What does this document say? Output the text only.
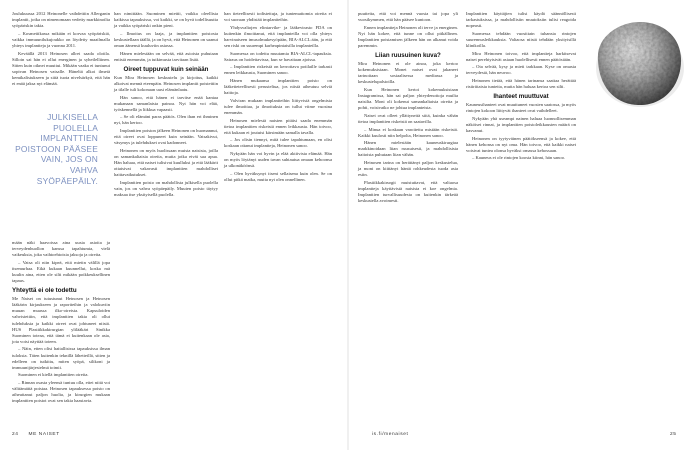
Joulukuussa 2012 Heinonelle vaihdettiin Allerganin implantit, jotka on nimenomaan vedetty markkinoilta syöpäriskin takia.

– Kosmetiikassa mikään ei korvaa syöpäriskiä, vaikka immuunilukujoukko on löydetty maailmalla yhteys implantteja ja vuonna 2011.

Keväällä 2013 Heinosen allrei saada olotila. Silloin sai hän ei ollut energinen ja syheilelliinen. Sitten kuin oiknei muuttui. Mikään vaaka ei tuntunut sopivan Heinosen vatsalle. Häneltä alkoi ilmetä kemikalistukseen ja siitä tuota nivelsärkyä, että hän ei enää jaksa nyt elämää.

JULKISELLA PUOLELLA IMPLANTTIEN POISTOON PÄÄSEE VAIN, JOS ON VAHVA SYÖPÄEPÄILY.

mään näki haavoissa aina uusia asioita ja terveydenhuollon kanssa tapahtumia, vielä vaikeuksia, joka vaihtoehtoisia jaksoja ja oireita.

– Vatsa oli niin kipeä, että mietin välillä jopa itsemurhaa. Eikä kukaan kuunnellut, koska mä kuulin aina, etten ole silti mikään poikkeuksellinen tapaus.

Yhteyttä ei ole todettu

Me Naiset on tutustunut Heinosen ja Heinosen lääkärin kirjaukseen ja raportteihin ja valokuviin muuan muassa ilko-oireista. Kapsuloiden vahvistettiin, että implanttien takia oli ollut tulehduksia ja kaikki oireet ovat johtuneet niistä. HUS Plastiikkakirurgian ylilääkäri Sinikka Suominen toteaa, että tämä ei kuitenkaan ole asia, jota voisi näyttää toteen.

– Näin, etten olisi haitallisissa tapauksissa ilman tuloksia. Täten kuitenkin teknillä lähetteillä, sitten ja edelleen on tutkittu, miten syöpä, silikoni ja immuunijärjestelmä toimii.

Suominen ei kiellä implanttien oireita.

– Rinnan osasta yleensä tuntuu olla, ettei niitä voi välttämättä poistaa. Heinosen tapauksessa poisto on aiheuttanut paljon huolia, ja kirurgien mukaan implanttien poistot ovat sen takia haastavia.

han nimittään. Suominen miettii, vaikka oleellista kaikissa tapauksissa, voi kaikki, se on hyvä todellisuutta ja vaikka syöpäriski onkin pieni.

– Ilmoitus on laaja, ja implanttien poistosta keskustellaan täällä, ja on hyvä, että Heinonen on saanut oman äänensä kuuluviin asiassa.

Hänen mielestään on selvää, että asioista puhutaan entistä enemmän, ja tutkimusta tarvitaan lisää.

Oireet tuppuvat kuin seinään

Kun Mira Heinosen keskustelu ja kirjoitus, kaikki alkoivat mennä eteenpäin. Heinosen implantit poistettiin ja tilalle tuli kokonaan uusi elämänlaatu.

Hän sanoo, että hänen ei tarvitse enää kantaa mukanaan samanlaista painoa. Nyt hän voi elää, työskennellä ja liikkua vapaasti.

– Se oli elämäni paras päätös. Olen ihan eri ihminen nyt, hän kertoo.

Implanttien poiston jälkeen Heinonen on huomannut, että oireet ovat loppuneet kuin seinään. Vatsakivut, väsymys ja tulehdukset ovat kadonneet.

Heinonen on myös huolissaan muista naisista, joilla on samankaltaisia oireita, mutta jotka eivät saa apua. Hän haluaa, että naiset tulisivat kuulluksi ja että lääkärit ottaisivat vakavasti implanttien mahdolliset haittavaikutukset.

Implanttien poisto on mahdollista julkisella puolella vain, jos on vahva syöpäepäily. Muuten poisto täytyy maksaa itse yksityisellä puolella.

han tieteellisesti todistettuja, ja tuntemattomia oireita ei voi suoraan yhdistää implantteihin.

Yhdysvaltojen elintarvike- ja lääkevirasto FDA on kuitenkin ilmoittanut, että implanteilla voi olla yhteys harvinaiseen imusolmukesyöpään, BIA-ALCL:ään, ja että sen riski on suurempi karheapintaisilla implanteilla.

Suomessa on todettu muutamia BIA-ALCL-tapauksia. Sairaus on hoidettavissa, kun se havaitaan ajoissa.

– Implanttien riskeistä on kerrottava potilaille tarkasti ennen leikkausta, Suominen sanoo.

Hänen mukaansa implanttien poisto on lääketieteellisesti perusteltua, jos niistä aiheutuu selviä haittoja.

Valviran mukaan implantteihin liittyvistä ongelmista tulee ilmoittaa, ja ilmoituksia on tullut viime vuosina enemmän.

Heinosen mielestä naisten pitäisi saada enemmän tietoa implanttien riskeistä ennen leikkausta. Hän toivoo, että kukaan ei joutuisi kärsimään samalla tavalla.

– Jos olisin tiennyt, mitä tulee tapahtumaan, en olisi koskaan ottanut implantteja, Heinonen sanoo.

Nykyään hän voi hyvin ja elää aktiivista elämää. Hän on myös löytänyt uuden tavan suhtautua omaan kehoonsa ja ulkonäköönsä.

– Olen hyväksynyt itseni sellaisena kuin olen. Se on ollut pitkä matka, mutta nyt olen onnellinen.

24 ME NAISET

puutteita, että voi mennä vuosia tai jopa yli vuosikymmen, että hän pääsee kuntoon.

Ennen implantteja Heinonen oli terve ja energinen. Nyt hän kokee, että tunne on ollut pitkällinen. Implanttien poistamisen jälkeen hän on alkanut voida paremmin.

Liian ruusuinen kuva?

Mira Heinonen ei ole ainoa, joka kertoo kokemuksistaan. Monet naiset ovat jakaneet tarinoitaan sosiaalisessa mediassa ja keskustelupalstoilla.

Kun Heinonen kertoi kokemuksistaan Instagramissa, hän sai paljon yhteydenottoja muilta naisilta. Moni oli kokenut samankaltaisia oireita ja pohti, voisivatko ne johtua implanteista.

Naiset ovat olleet yllättyneitä siitä, kuinka vähän tietoa implanttien riskeistä on saatavilla.

– Minua ei koskaan varoitettu mistään riskeistä. Kaikki kuulosti niin helpolta, Heinonen sanoo.

Hänen mielestään kauneuskirurgiaa markkinoidaan liian ruusuisesti, ja mahdollisista haitoista puhutaan liian vähän.

Heinosen tarina on herättänyt paljon keskustelua, ja moni on kiittänyt häntä rohkeudesta tuoda asia esiin.

Plastiikkakirurgit muistuttavat, että valtaosa implantteja käyttävistä naisista ei koe ongelmia. Implanttien turvallisuudesta on kuitenkin tärkeää keskustella avoimesti.

Implanttien käyttäjien tulisi käydä säännöllisesti tarkastuksissa, ja mahdollisiin muutoksiin tulisi reagoida nopeasti.

Suomessa tehdään vuosittain tuhansia rintojen suurennusleikkauksia. Valtaosa niistä tehdään yksityisillä klinikoilla.

Mira Heinonen toivoo, että implantteja harkitsevat naiset perehtyisivät asiaan huolellisesti ennen päätöstään.

– Ota selvää, kysy ja mieti tarkkaan. Kyse on omasta terveydestä, hän neuvoo.

Heinonen tietää, että hänen tarinansa saattaa herättää ristiriitaisia tunteita, mutta hän haluaa kertoa sen silti.

Ihanteet muuttuvat

Kauneusihanteet ovat muuttuneet vuosien saatossa, ja myös rintojen kokoon liittyvät ihanteet ovat vaihdelleet.

Nykyään yhä useampi nainen haluaa luonnollisemman näköiset rinnat, ja implanttien poistoleikkausten määrä on kasvanut.

Heinonen on tyytyväinen päätökseensä ja kokee, että hänen kehonsa on nyt oma. Hän toivoo, että kaikki naiset voisivat tuntea olonsa hyväksi omassa kehossaan.

– Kauneus ei ole rintojen koosta kiinni, hän sanoo.

is.fi/menaiset	25
